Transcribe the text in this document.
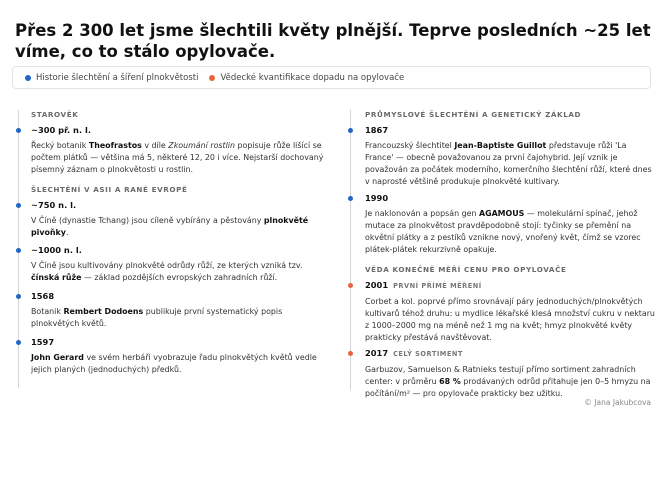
Přes 2 300 let jsme šlechtili květy plnější. Teprve posledních ~25 let víme, co to stálo opylovače.
Historie šlechtění a šíření plnokvětosti	Vědecké kvantifikace dopadu na opylovače
STAROVĚK
~300 př. n. l.
Řecký botanik Theofrastos v díle Zkoumání rostlin popisuje růže lišící se počtem plátků — většina má 5, některé 12, 20 i více. Nejstarší dochovaný písemný záznam o plnokvětosti u rostlin.
ŠLECHTĚNÍ V ASII A RANÉ EVROPĚ
~750 n. l.
V Číně (dynastie Tchang) jsou cíleně vybírány a pěstovány plnokvěté pivoňky.
~1000 n. l.
V Číně jsou kultivovány plnokvěté odrůdy růží, ze kterých vzniká tzv. čínská růže — základ pozdějších evropských zahradních růží.
1568
Botanik Rembert Dodoens publikuje první systematický popis plnokvětých květů.
1597
John Gerard ve svém herbáři vyobrazuje řadu plnokvětých květů vedle jejich planých (jednoduchých) předků.
PRŮMYSLOVÉ ŠLECHTĚNÍ A GENETICKÝ ZÁKLAD
1867
Francouzský šlechtitel Jean-Baptiste Guillot představuje růži 'La France' — obecně považovanou za první čajohybrid. Její vznik je považován za počátek moderního, komerčního šlechtění růží, které dnes v naprosté většině produkuje plnokvěté kultivary.
1990
Je naklonován a popsán gen AGAMOUS — molekulární spínač, jehož mutace za plnokvětost pravděpodobně stojí: tyčinky se přemění na okvětní plátky a z pestíků vznikne nový, vnořený květ, čímž se vzorec plátek-plátek rekurzivně opakuje.
VĚDA KONEČNĚ MĚŘÍ CENU PRO OPYLOVAČE
2001 PRVNÍ PŘÍMÉ MĚŘENÍ
Corbet a kol. poprvé přímo srovnávají páry jednoduchých/plnokvětých kultivarů téhož druhu: u mydlice lékařské klesá množství cukru v nektaru z 1000–2000 mg na méně než 1 mg na květ; hmyz plnokvěté květy prakticky přestává navštěvovat.
2017 CELÝ SORTIMENT
Garbuzov, Samuelson & Ratnieks testují přímo sortiment zahradních center: v průměru 68 % prodávaných odrůd přitahuje jen 0–5 hmyzu na počítání/m² — pro opylovače prakticky bez užitku.
© Jana Jakubcova
